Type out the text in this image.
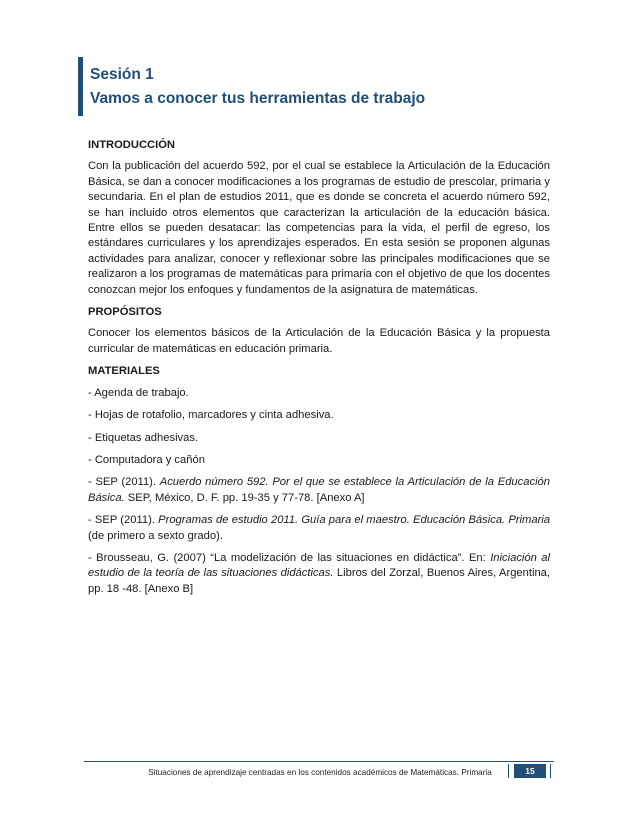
Sesión 1
Vamos a conocer tus herramientas de trabajo
INTRODUCCIÓN

Con la publicación del acuerdo 592, por el cual se establece la Articulación de la Educación Básica, se dan a conocer modificaciones a los programas de estudio de prescolar, primaria y secundaria. En el plan de estudios 2011, que es donde se concreta el acuerdo número 592, se han incluido otros elementos que caracterizan la articulación de la educación básica. Entre ellos se pueden desatacar: las competencias para la vida, el perfil de egreso, los estándares curriculares y los aprendizajes esperados. En esta sesión se proponen algunas actividades para analizar, conocer y reflexionar sobre las principales modificaciones que se realizaron a los programas de matemáticas para primaria con el objetivo de que los docentes conozcan mejor los enfoques y fundamentos de la asignatura de matemáticas.

PROPÓSITOS

Conocer los elementos básicos de la Articulación de la Educación Básica y la propuesta curricular de matemáticas en educación primaria.

MATERIALES
- Agenda de trabajo.
- Hojas de rotafolio, marcadores y cinta adhesiva.
- Etiquetas adhesivas.
- Computadora y cañón
- SEP (2011). Acuerdo número 592. Por el que se establece la Articulación de la Educación Básica. SEP, México, D. F. pp. 19-35 y 77-78. [Anexo A]
- SEP (2011). Programas de estudio 2011. Guía para el maestro. Educación Básica. Primaria (de primero a sexto grado).
- Brousseau, G. (2007) “La modelización de las situaciones en didáctica”. En: Iniciación al estudio de la teoría de las situaciones didácticas. Libros del Zorzal, Buenos Aires, Argentina, pp. 18 -48. [Anexo B]
Situaciones de aprendizaje centradas en los contenidos académicos de Matemáticas. Primaria	15
